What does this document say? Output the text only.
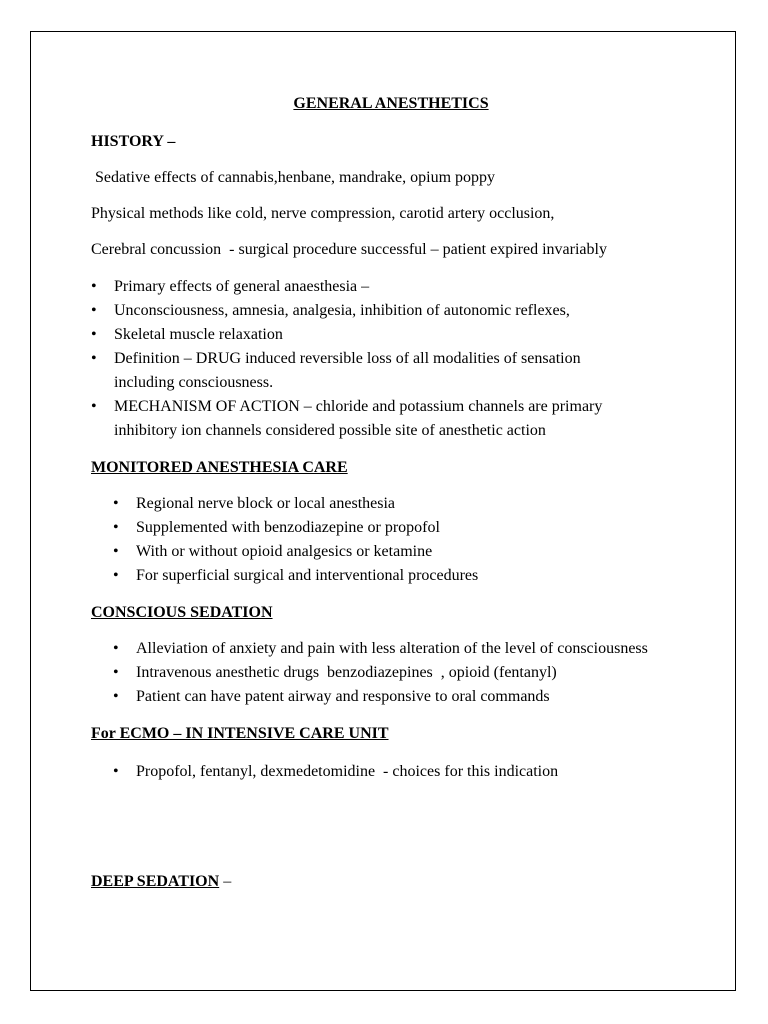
GENERAL ANESTHETICS

HISTORY –

Sedative effects of cannabis,henbane, mandrake, opium poppy

Physical methods like cold, nerve compression, carotid artery occlusion,

Cerebral concussion  - surgical procedure successful – patient expired invariably

• Primary effects of general anaesthesia –
• Unconsciousness, amnesia, analgesia, inhibition of autonomic reflexes,
• Skeletal muscle relaxation
• Definition – DRUG induced reversible loss of all modalities of sensation including consciousness.
• MECHANISM OF ACTION – chloride and potassium channels are primary inhibitory ion channels considered possible site of anesthetic action

MONITORED ANESTHESIA CARE

• Regional nerve block or local anesthesia
• Supplemented with benzodiazepine or propofol
• With or without opioid analgesics or ketamine
• For superficial surgical and interventional procedures

CONSCIOUS SEDATION

• Alleviation of anxiety and pain with less alteration of the level of consciousness
• Intravenous anesthetic drugs  benzodiazepines  , opioid (fentanyl)
• Patient can have patent airway and responsive to oral commands

For ECMO – IN INTENSIVE CARE UNIT

• Propofol, fentanyl, dexmedetomidine  - choices for this indication

DEEP SEDATION –
